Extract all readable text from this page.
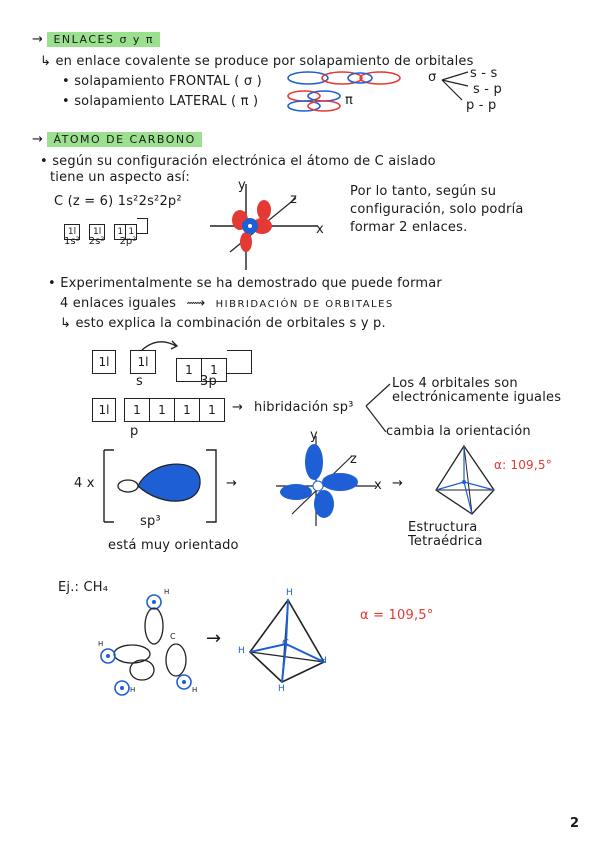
→ ENLACES σ y π
↳ en enlace covalente se produce por solapamiento de orbitales
• solapamiento FRONTAL ( σ )
• solapamiento LATERAL ( π )
σ
π
s - s
s - p
p - p
→ ÁTOMO DE CARBONO
• según su configuración electrónica el átomo de C aislado
tiene un aspecto así:
C (z = 6) 1s²2s²2p²
1l 1l 1 1
1s² 2s² 2p²
y
z
x
Por lo tanto, según su
configuración, solo podría
formar 2 enlaces.
• Experimentalmente se ha demostrado que puede formar
4 enlaces iguales ⟿ HIBRIDACIÓN DE ORBITALES
↳ esto explica la combinación de orbitales s y p.
1l	1l
1 1
s	3p
1l	1 1 1 1	→
p
hibridación sp³
Los 4 orbitales son
electrónicamente iguales
cambia la orientación
4 x
sp³
está muy orientado
→
y
z
x →
α: 109,5°
Estructura
Tetraédrica
Ej.: CH₄	H
H
H	H
C →
H
H
H
H
C
α = 109,5°
2
